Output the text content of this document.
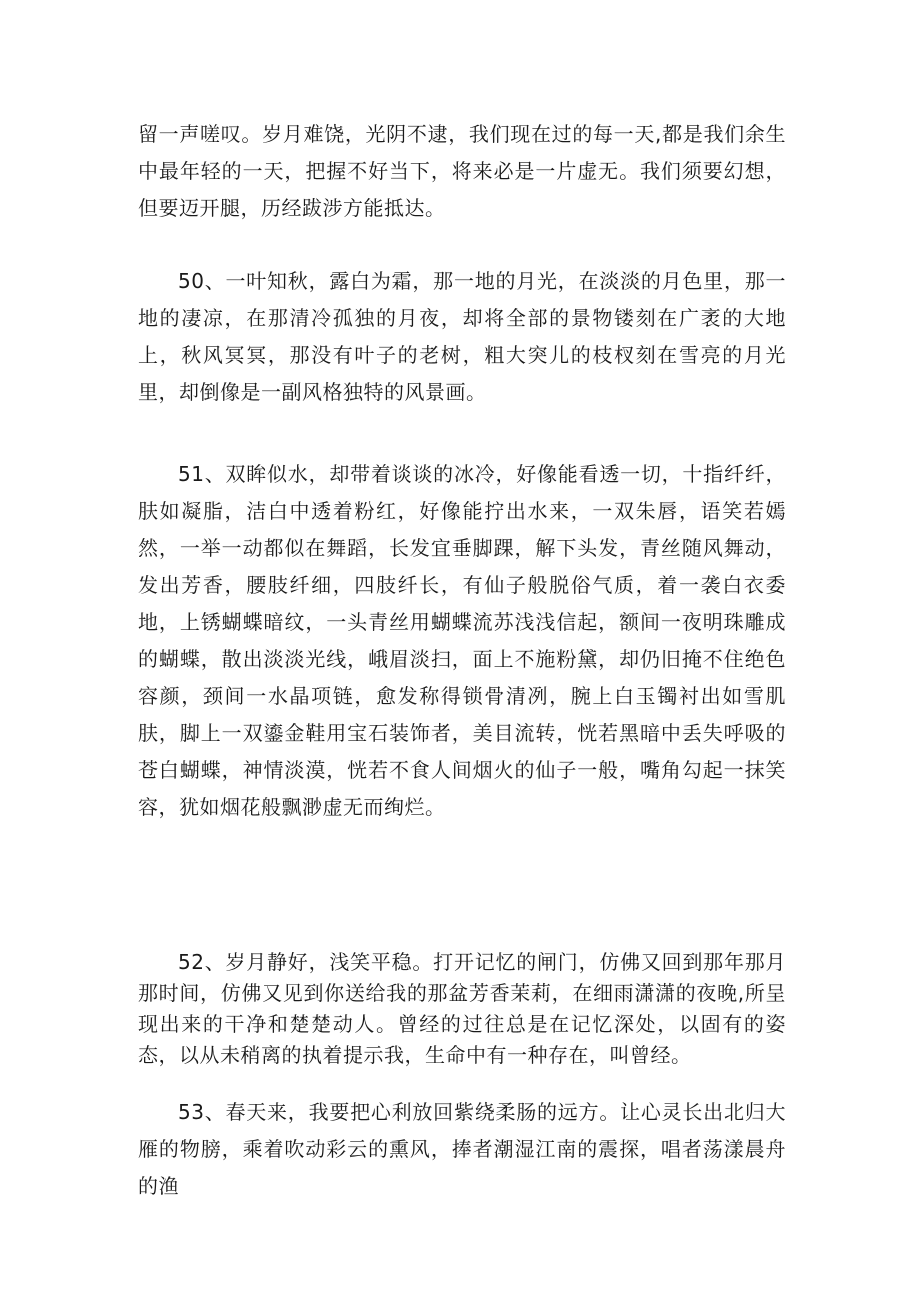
留一声嗟叹。岁月难饶，光阴不逮，我们现在过的每一天,都是我们余生中最年轻的一天，把握不好当下，将来必是一片虚无。我们须要幻想，但要迈开腿，历经跋涉方能抵达。

50、一叶知秋，露白为霜，那一地的月光，在淡淡的月色里，那一地的凄凉，在那清冷孤独的月夜，却将全部的景物镂刻在广袤的大地上，秋风冥冥，那没有叶子的老树，粗大突儿的枝杈刻在雪亮的月光里，却倒像是一副风格独特的风景画。

51、双眸似水，却带着谈谈的冰冷，好像能看透一切，十指纤纤，肤如凝脂，洁白中透着粉红，好像能拧出水来，一双朱唇，语笑若嫣然，一举一动都似在舞蹈，长发宜垂脚踝，解下头发，青丝随风舞动，发出芳香，腰肢纤细，四肢纤长，有仙子般脱俗气质，着一袭白衣委地，上锈蝴蝶暗纹，一头青丝用蝴蝶流苏浅浅信起，额间一夜明珠雕成的蝴蝶，散出淡淡光线，峨眉淡扫，面上不施粉黛，却仍旧掩不住绝色容颜，颈间一水晶项链，愈发称得锁骨清冽，腕上白玉镯衬出如雪肌肤，脚上一双鎏金鞋用宝石装饰者，美目流转，恍若黑暗中丢失呼吸的苍白蝴蝶，神情淡漠，恍若不食人间烟火的仙子一般，嘴角勾起一抹笑容，犹如烟花般飘渺虚无而绚烂。

52、岁月静好，浅笑平稳。打开记忆的闸门，仿佛又回到那年那月那时间，仿佛又见到你送给我的那盆芳香茉莉，在细雨潇潇的夜晚,所呈现出来的干净和楚楚动人。曾经的过往总是在记忆深处，以固有的姿态，以从未稍离的执着提示我，生命中有一种存在，叫曾经。

53、春天来，我要把心利放回紫绕柔肠的远方。让心灵长出北归大雁的物膀，乘着吹动彩云的熏风，捧者潮湿江南的震探，唱者荡漾晨舟的渔
